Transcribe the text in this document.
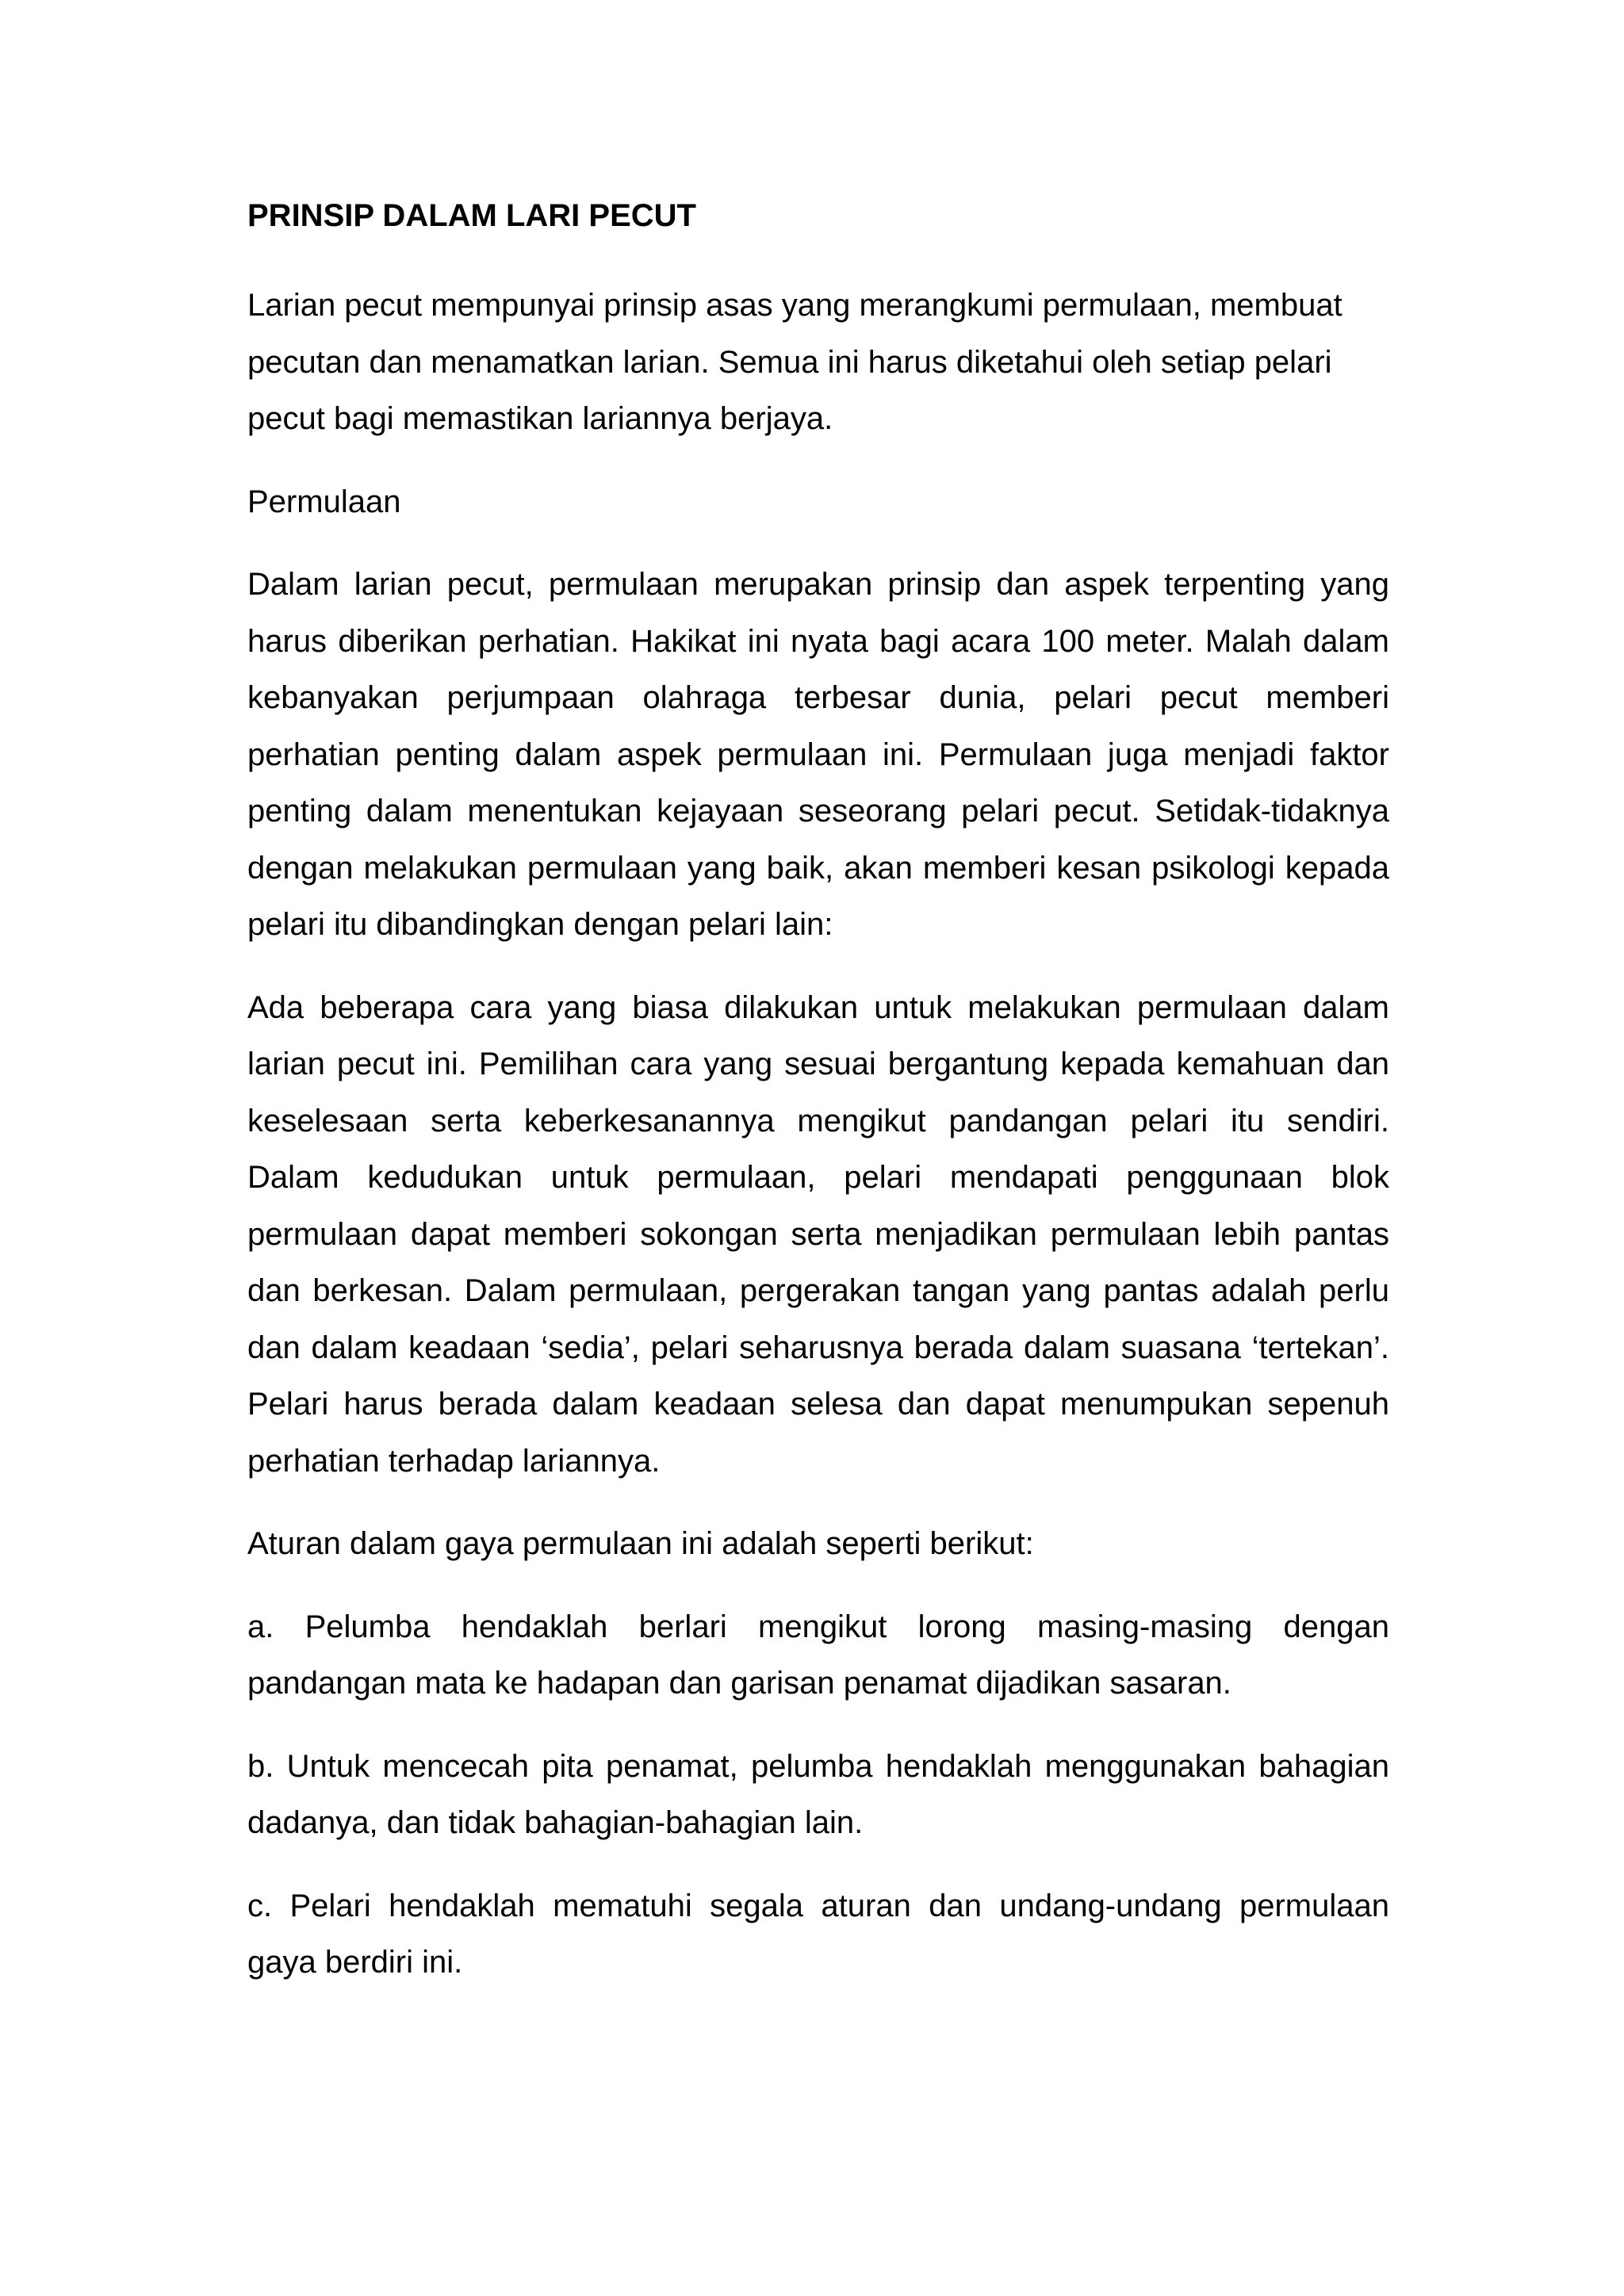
PRINSIP DALAM LARI PECUT
Larian pecut mempunyai prinsip asas yang merangkumi permulaan, membuat pecutan dan menamatkan larian. Semua ini harus diketahui oleh setiap pelari pecut bagi memastikan lariannya berjaya.
Permulaan
Dalam larian pecut, permulaan merupakan prinsip dan aspek terpenting yang harus diberikan perhatian. Hakikat ini nyata bagi acara 100 meter. Malah dalam kebanyakan perjumpaan olahraga terbesar dunia, pelari pecut memberi perhatian penting dalam aspek permulaan ini. Permulaan juga menjadi faktor penting dalam menentukan kejayaan seseorang pelari pecut. Setidak-tidaknya dengan melakukan permulaan yang baik, akan memberi kesan psikologi kepada pelari itu dibandingkan dengan pelari lain:
Ada beberapa cara yang biasa dilakukan untuk melakukan permulaan dalam larian pecut ini. Pemilihan cara yang sesuai bergantung kepada kemahuan dan keselesaan serta keberkesanannya mengikut pandangan pelari itu sendiri. Dalam kedudukan untuk permulaan, pelari mendapati penggunaan blok permulaan dapat memberi sokongan serta menjadikan permulaan lebih pantas dan berkesan. Dalam permulaan, pergerakan tangan yang pantas adalah perlu dan dalam keadaan ‘sedia’, pelari seharusnya berada dalam suasana ‘tertekan’. Pelari harus berada dalam keadaan selesa dan dapat menumpukan sepenuh perhatian terhadap lariannya.
Aturan dalam gaya permulaan ini adalah seperti berikut:
a. Pelumba hendaklah berlari mengikut lorong masing-masing dengan pandangan mata ke hadapan dan garisan penamat dijadikan sasaran.
b. Untuk mencecah pita penamat, pelumba hendaklah menggunakan bahagian dadanya, dan tidak bahagian-bahagian lain.
c. Pelari hendaklah mematuhi segala aturan dan undang-undang permulaan gaya berdiri ini.
